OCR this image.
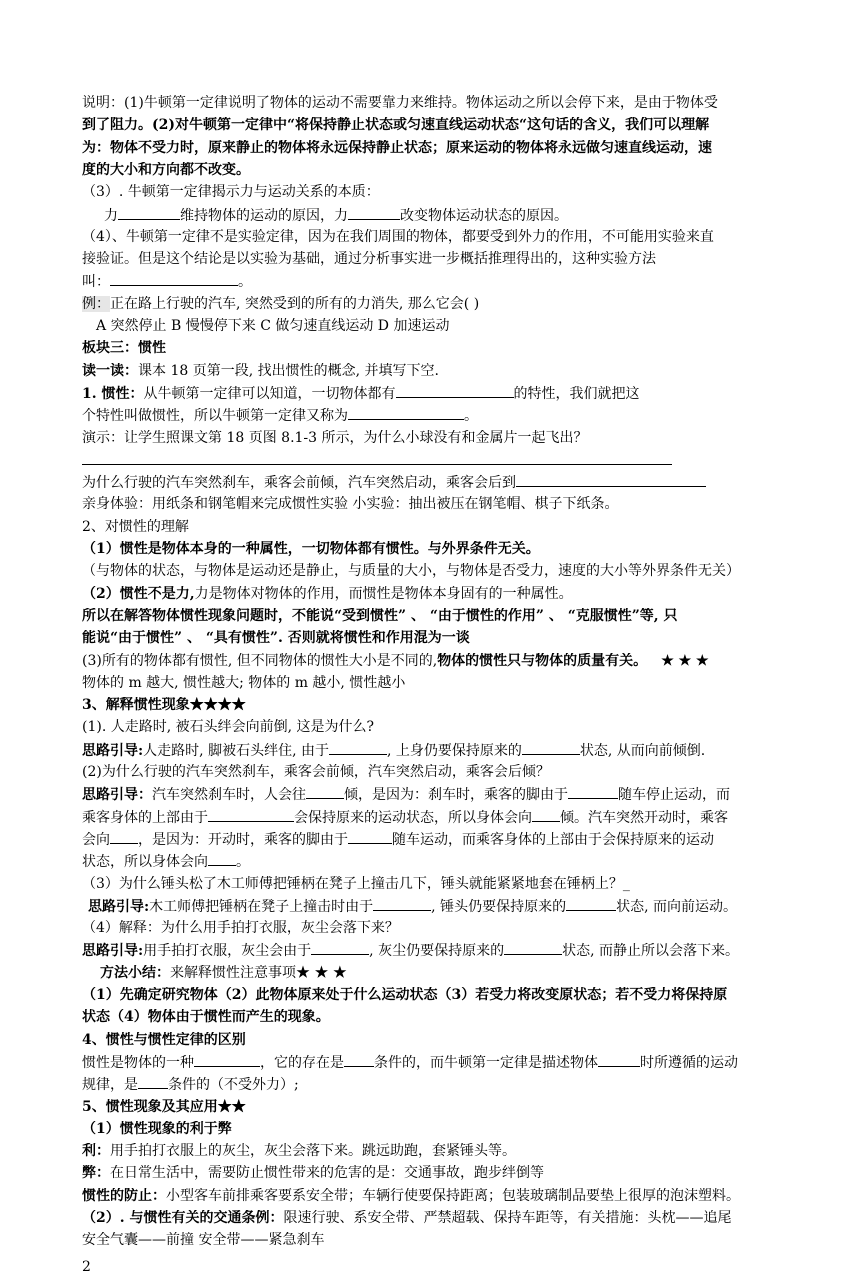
说明：(1)牛顿第一定律说明了物体的运动不需要靠力来维持。物体运动之所以会停下来，是由于物体受
到了阻力。(2)对牛顿第一定律中“将保持静止状态或匀速直线运动状态“这句话的含义，我们可以理解
为：物体不受力时，原来静止的物体将永远保持静止状态；原来运动的物体将永远做匀速直线运动，速
度的大小和方向都不改变。
（3）. 牛顿第一定律揭示力与运动关系的本质：
力	维持物体的运动的原因，力	改变物体运动状态的原因。
（4）、牛顿第一定律不是实验定律，因为在我们周围的物体，都要受到外力的作用，不可能用实验来直
接验证。但是这个结论是以实验为基础，通过分析事实进一步概括推理得出的，这种实验方法
叫：	。
例：正在路上行驶的汽车, 突然受到的所有的力消失, 那么它会( )
A 突然停止 B 慢慢停下来 C 做匀速直线运动 D 加速运动
板块三：惯性
读一读：课本 18 页第一段, 找出惯性的概念, 并填写下空.
1. 惯性：从牛顿第一定律可以知道，一切物体都有	的特性，我们就把这
个特性叫做惯性，所以牛顿第一定律又称为	。
演示：让学生照课文第 18 页图 8.1-3 所示，为什么小球没有和金属片一起飞出？
为什么行驶的汽车突然刹车，乘客会前倾，汽车突然启动，乘客会后到
亲身体验：用纸条和钢笔帽来完成惯性实验 小实验：抽出被压在钢笔帽、棋子下纸条。
2、对惯性的理解
（1）惯性是物体本身的一种属性，一切物体都有惯性。与外界条件无关。
（与物体的状态，与物体是运动还是静止，与质量的大小，与物体是否受力，速度的大小等外界条件无关）
（2）惯性不是力,力是物体对物体的作用，而惯性是物体本身固有的一种属性。
所以在解答物体惯性现象问题时，不能说“受到惯性” 、 “由于惯性的作用” 、 “克服惯性”等, 只
能说“由于惯性” 、 “具有惯性”. 否则就将惯性和作用混为一谈
(3)所有的物体都有惯性, 但不同物体的惯性大小是不同的,物体的惯性只与物体的质量有关。 ★ ★ ★
物体的 m 越大, 惯性越大; 物体的 m 越小, 惯性越小
3、解释惯性现象★★★★
(1). 人走路时, 被石头绊会向前倒, 这是为什么?
思路引导:人走路时, 脚被石头绊住, 由于	, 上身仍要保持原来的	状态, 从而向前倾倒.
(2)为什么行驶的汽车突然刹车，乘客会前倾，汽车突然启动，乘客会后倾？
思路引导：汽车突然刹车时，人会往	倾，是因为：刹车时，乘客的脚由于	随车停止运动，而
乘客身体的上部由于	会保持原来的运动状态，所以身体会向 倾。汽车突然开动时，乘客
会向 ，是因为：开动时，乘客的脚由于	随车运动，而乘客身体的上部由于会保持原来的运动
状态，所以身体会向 。
（3）为什么锤头松了木工师傅把锤柄在凳子上撞击几下，锤头就能紧紧地套在锤柄上？_
思路引导:木工师傅把锤柄在凳子上撞击时由于	, 锤头仍要保持原来的	状态, 而向前运动。
（4）解释：为什么用手拍打衣服，灰尘会落下来？
思路引导:用手拍打衣服，灰尘会由于	, 灰尘仍要保持原来的	状态, 而静止所以会落下来。
方法小结：来解释惯性注意事项★ ★ ★
（1）先确定研究物体（2）此物体原来处于什么运动状态（3）若受力将改变原状态；若不受力将保持原
状态（4）物体由于惯性而产生的现象。
4、惯性与惯性定律的区别
惯性是物体的一种	，它的存在是 条件的，而牛顿第一定律是描述物体	时所遵循的运动
规律，是 条件的（不受外力）;
5、惯性现象及其应用★★
利：用手拍打衣服上的灰尘，灰尘会落下来。跳远助跑，套紧锤头等。
弊：在日常生活中，需要防止惯性带来的危害的是：交通事故，跑步绊倒等
惯性的防止：小型客车前排乘客要系安全带；车辆行使要保持距离；包装玻璃制品要垫上很厚的泡沫塑料。
（2）. 与惯性有关的交通条例：限速行驶、系安全带、严禁超载、保持车距等，有关措施：头枕——追尾
安全气囊——前撞 安全带——紧急刹车
2
（1）惯性现象的利于弊
